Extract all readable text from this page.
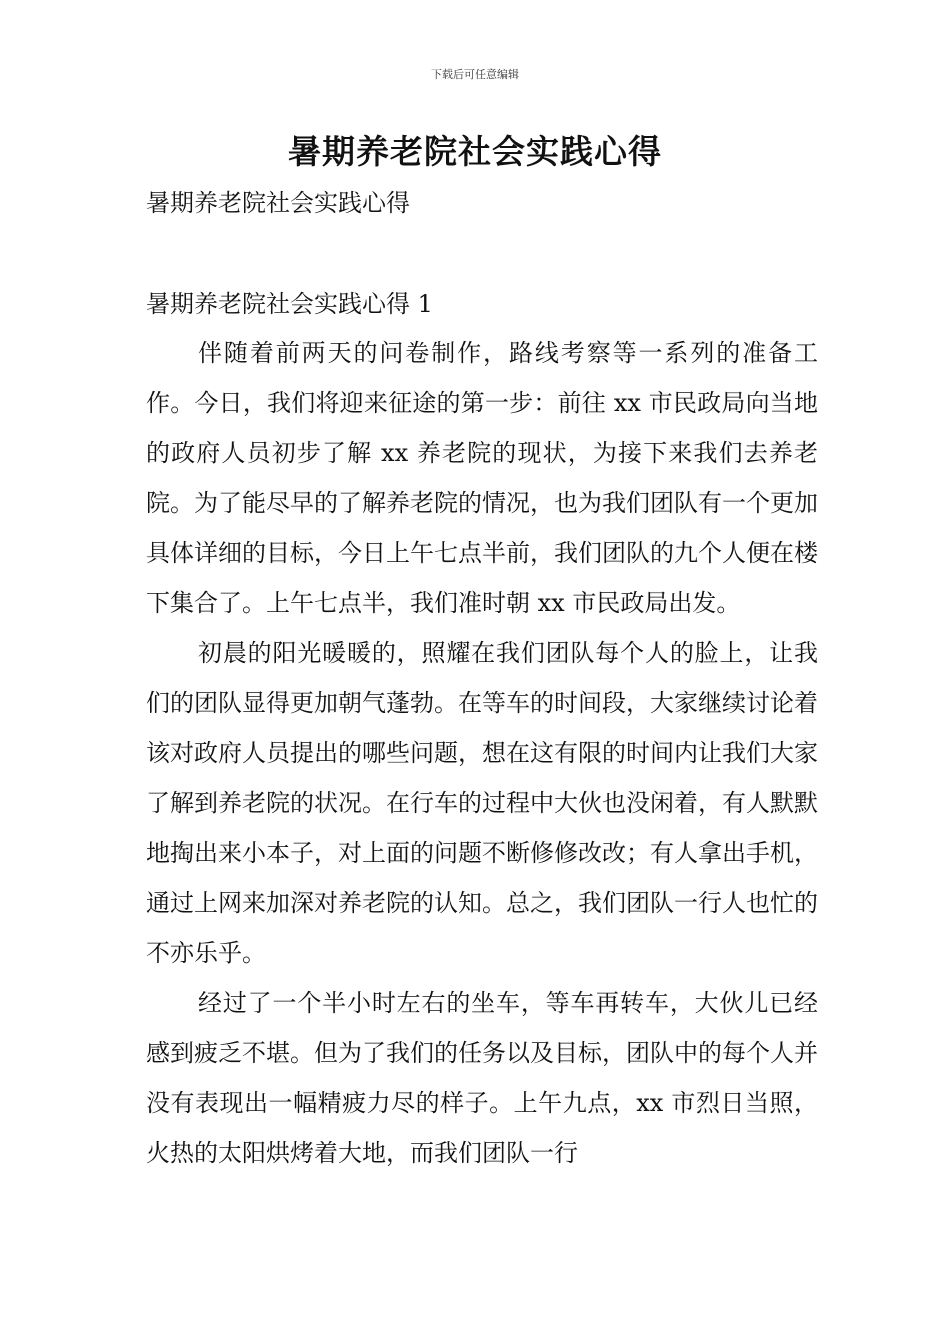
下载后可任意编辑
暑期养老院社会实践心得
暑期养老院社会实践心得
暑期养老院社会实践心得 1

伴随着前两天的问卷制作，路线考察等一系列的准备工作。今日，我们将迎来征途的第一步：前往 xx 市民政局向当地的政府人员初步了解 xx 养老院的现状，为接下来我们去养老院。为了能尽早的了解养老院的情况，也为我们团队有一个更加具体详细的目标，今日上午七点半前，我们团队的九个人便在楼下集合了。上午七点半，我们准时朝 xx 市民政局出发。

初晨的阳光暖暖的，照耀在我们团队每个人的脸上，让我们的团队显得更加朝气蓬勃。在等车的时间段，大家继续讨论着该对政府人员提出的哪些问题，想在这有限的时间内让我们大家了解到养老院的状况。在行车的过程中大伙也没闲着，有人默默地掏出来小本子，对上面的问题不断修修改改；有人拿出手机，通过上网来加深对养老院的认知。总之，我们团队一行人也忙的不亦乐乎。

经过了一个半小时左右的坐车，等车再转车，大伙儿已经感到疲乏不堪。但为了我们的任务以及目标，团队中的每个人并没有表现出一幅精疲力尽的样子。上午九点，xx 市烈日当照，火热的太阳烘烤着大地，而我们团队一行
